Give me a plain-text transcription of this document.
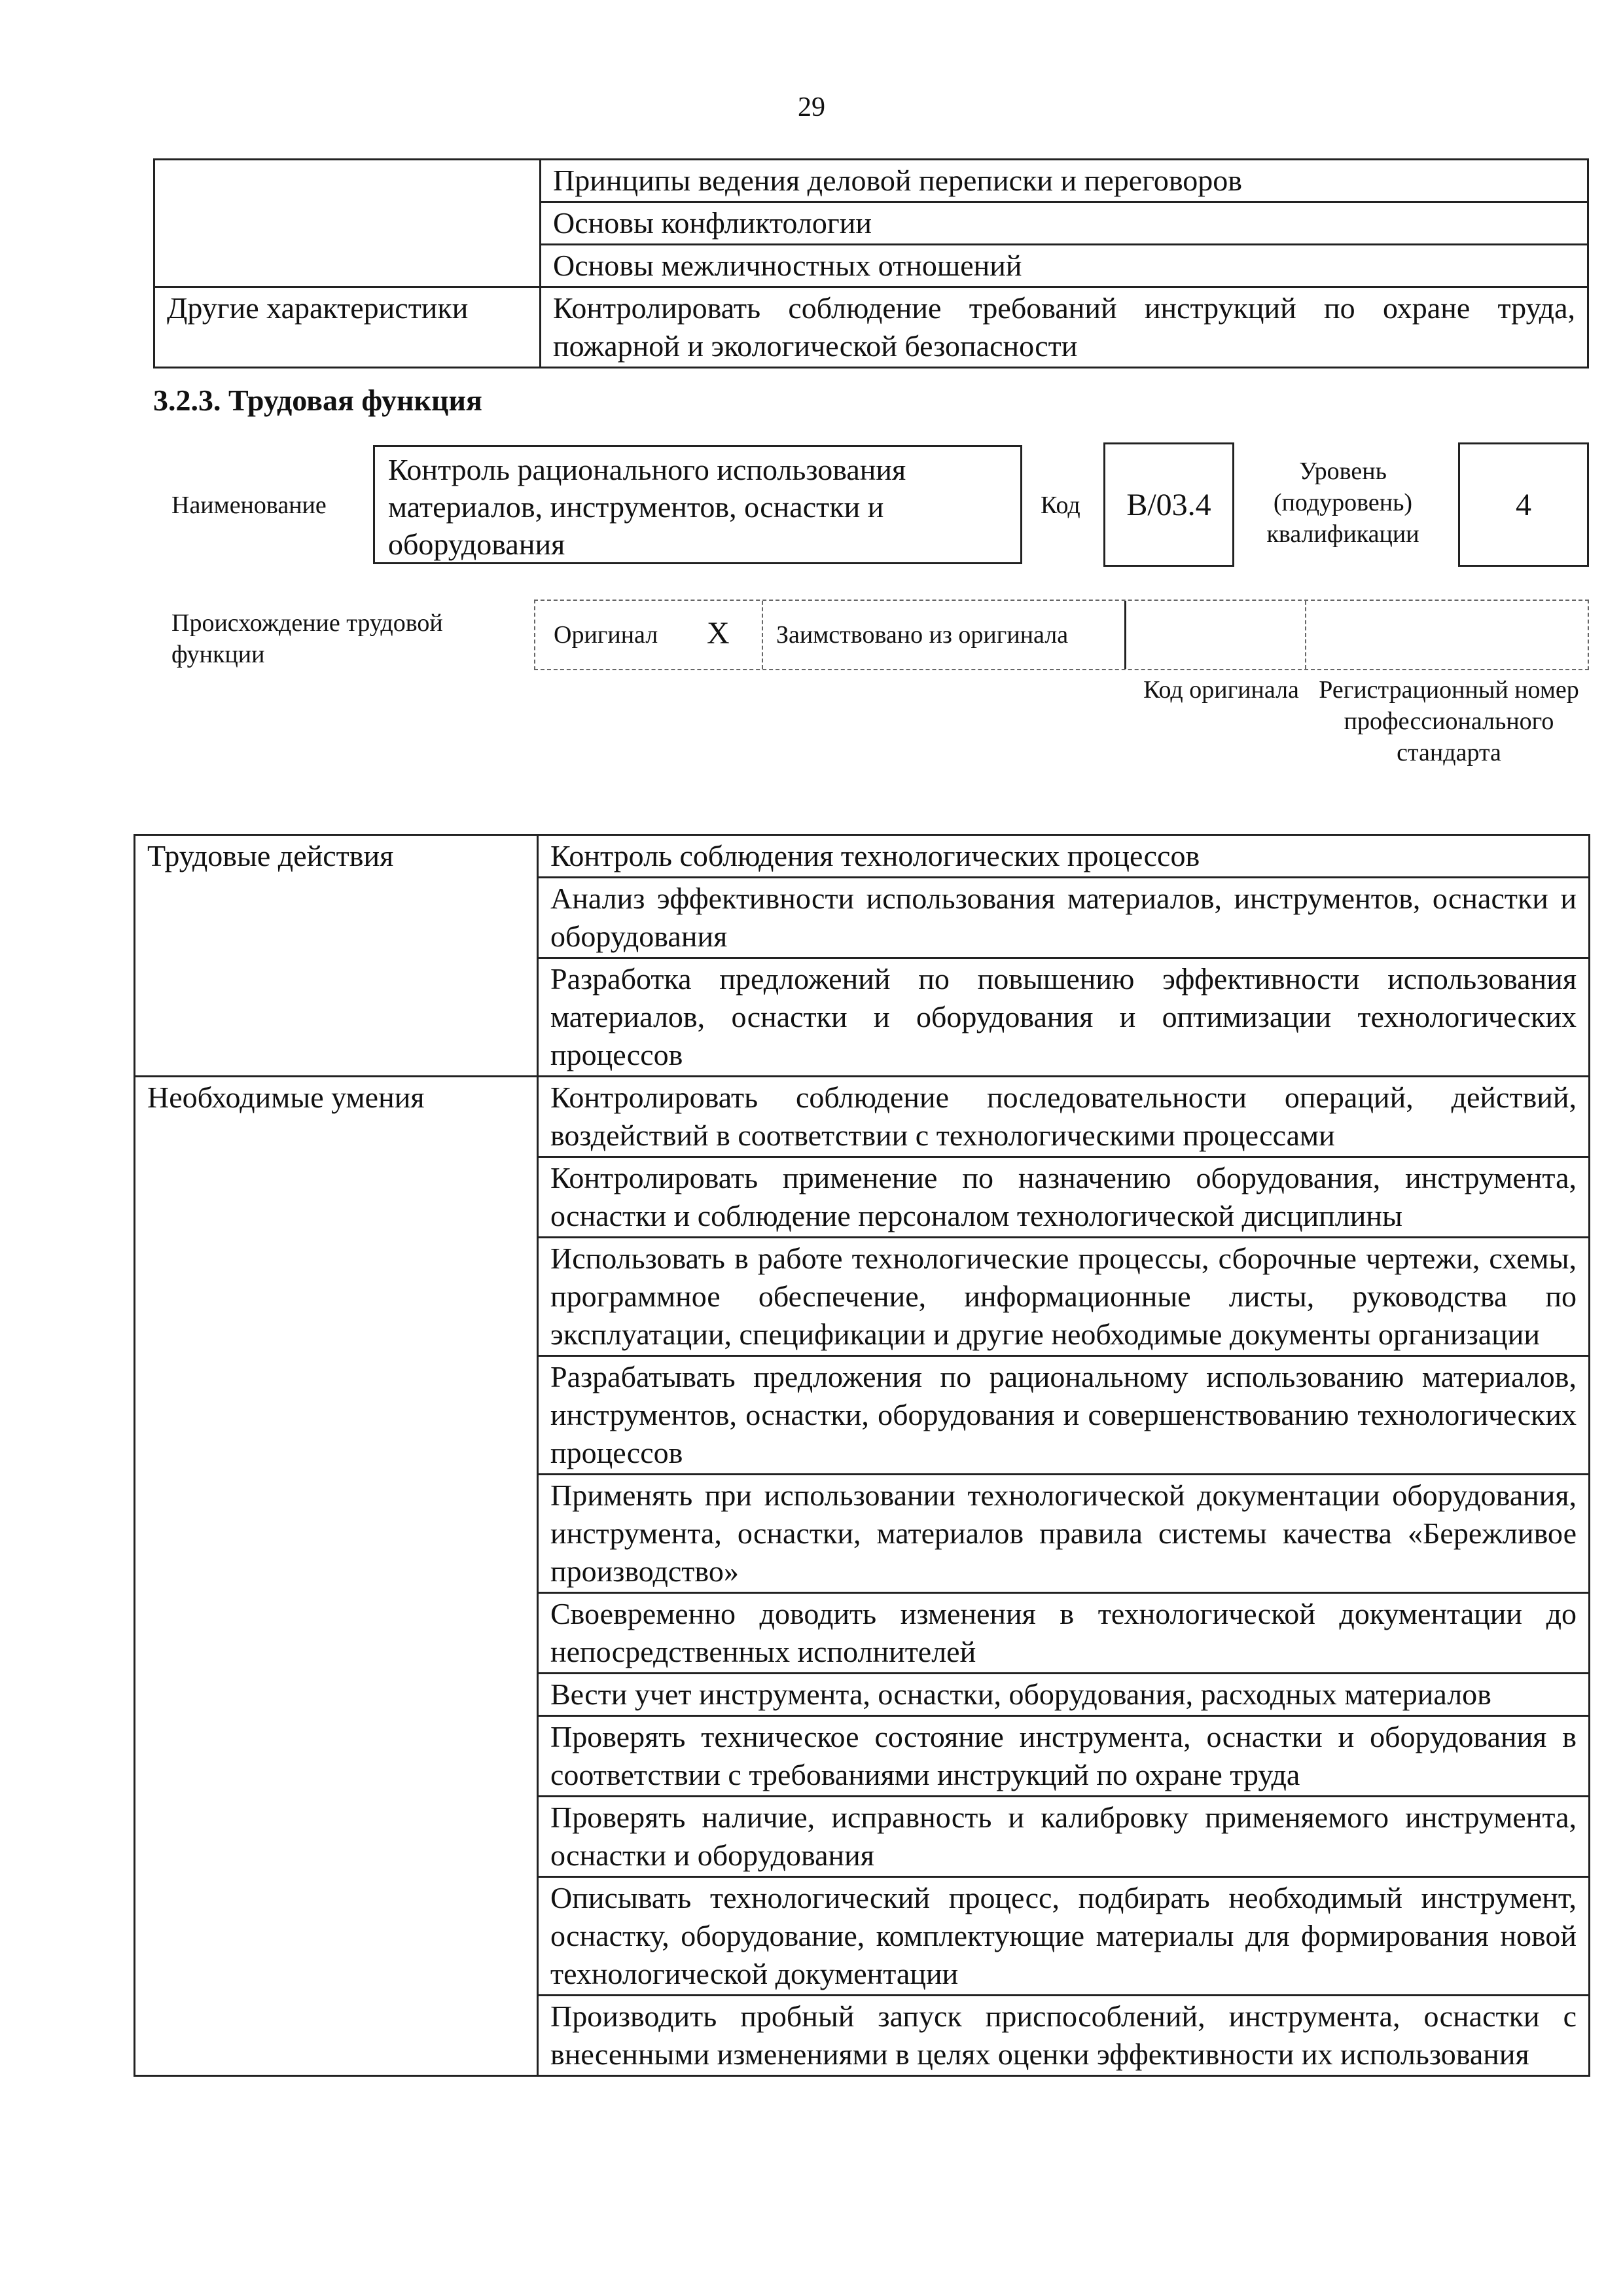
29
	Принципы ведения деловой переписки и переговоров
	Основы конфликтологии
	Основы межличностных отношений
Другие характеристики	Контролировать соблюдение требований инструкций по охране труда, пожарной и экологической безопасности
3.2.3. Трудовая функция
Наименование
Контроль рационального использования материалов, инструментов, оснастки и оборудования
Код	B/03.4
Уровень (подуровень) квалификации
4
Происхождение трудовой функции
Оригинал X Заимствовано из оригинала
Код оригинала Регистрационный номер профессионального стандарта
Трудовые действия	Контроль соблюдения технологических процессов
	Анализ эффективности использования материалов, инструментов, оснастки и оборудования
	Разработка предложений по повышению эффективности использования материалов, оснастки и оборудования и оптимизации технологических процессов
Необходимые умения	Контролировать соблюдение последовательности операций, действий, воздействий в соответствии с технологическими процессами
	Контролировать применение по назначению оборудования, инструмента, оснастки и соблюдение персоналом технологической дисциплины
	Использовать в работе технологические процессы, сборочные чертежи, схемы, программное обеспечение, информационные листы, руководства по эксплуатации, спецификации и другие необходимые документы организации
	Разрабатывать предложения по рациональному использованию материалов, инструментов, оснастки, оборудования и совершенствованию технологических процессов
	Применять при использовании технологической документации оборудования, инструмента, оснастки, материалов правила системы качества «Бережливое производство»
	Своевременно доводить изменения в технологической документации до непосредственных исполнителей
	Вести учет инструмента, оснастки, оборудования, расходных материалов
	Проверять техническое состояние инструмента, оснастки и оборудования в соответствии с требованиями инструкций по охране труда
	Проверять наличие, исправность и калибровку применяемого инструмента, оснастки и оборудования
	Описывать технологический процесс, подбирать необходимый инструмент, оснастку, оборудование, комплектующие материалы для формирования новой технологической документации
	Производить пробный запуск приспособлений, инструмента, оснастки с внесенными изменениями в целях оценки эффективности их использования
